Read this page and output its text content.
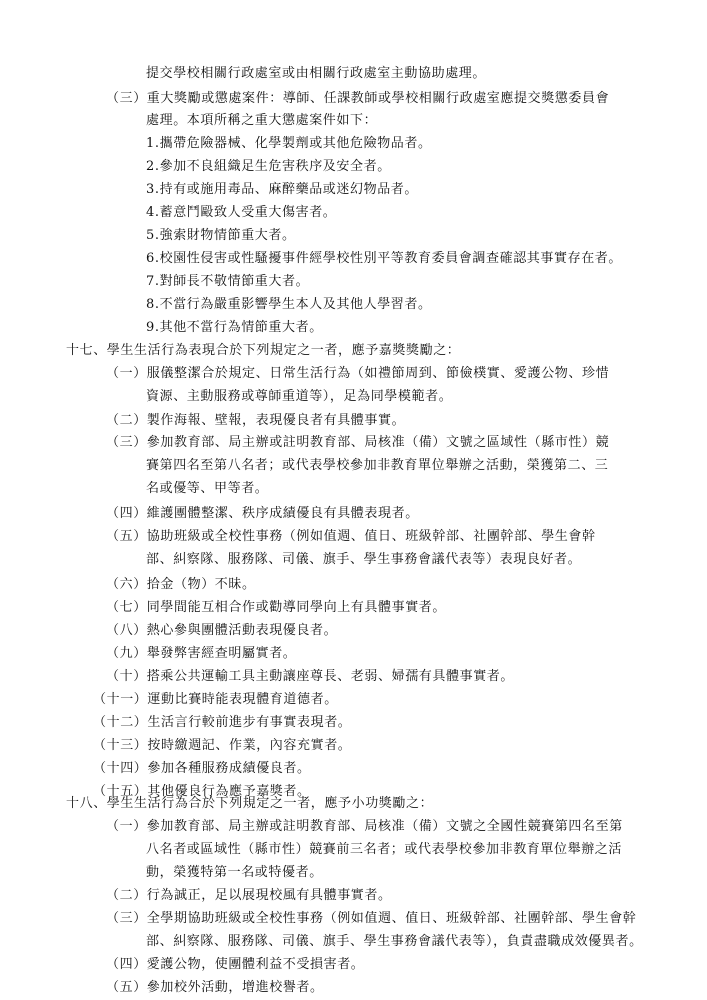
提交學校相關行政處室或由相關行政處室主動協助處理。
（三）重大獎勵或懲處案件：導師、任課教師或學校相關行政處室應提交獎懲委員會
處理。本項所稱之重大懲處案件如下：
1.攜帶危險器械、化學製劑或其他危險物品者。
2.參加不良組織足生危害秩序及安全者。
3.持有或施用毒品、麻醉藥品或迷幻物品者。
4.蓄意鬥毆致人受重大傷害者。
5.強索財物情節重大者。
6.校園性侵害或性騷擾事件經學校性別平等教育委員會調查確認其事實存在者。
7.對師長不敬情節重大者。
8.不當行為嚴重影響學生本人及其他人學習者。
9.其他不當行為情節重大者。
十七、學生生活行為表現合於下列規定之一者，應予嘉獎獎勵之：
（一）服儀整潔合於規定、日常生活行為（如禮節周到、節儉樸實、愛護公物、珍惜
資源、主動服務或尊師重道等），足為同學模範者。
（二）製作海報、壁報，表現優良者有具體事實。
（三）參加教育部、局主辦或註明教育部、局核准（備）文號之區域性（縣市性）競
賽第四名至第八名者；或代表學校參加非教育單位舉辦之活動，榮獲第二、三
名或優等、甲等者。
（四）維護團體整潔、秩序成績優良有具體表現者。
（五）協助班級或全校性事務（例如值週、值日、班級幹部、社團幹部、學生會幹
部、糾察隊、服務隊、司儀、旗手、學生事務會議代表等）表現良好者。
（六）拾金（物）不昧。
（七）同學間能互相合作或勸導同學向上有具體事實者。
（八）熱心參與團體活動表現優良者。
（九）舉發弊害經查明屬實者。
（十）搭乘公共運輸工具主動讓座尊長、老弱、婦孺有具體事實者。
（十一）運動比賽時能表現體育道德者。
（十二）生活言行較前進步有事實表現者。
（十三）按時繳週記、作業，內容充實者。
（十四）參加各種服務成績優良者。
（十五）其他優良行為應予嘉獎者。
十八、學生生活行為合於下列規定之一者，應予小功獎勵之：
（一）參加教育部、局主辦或註明教育部、局核准（備）文號之全國性競賽第四名至第
八名者或區域性（縣市性）競賽前三名者；或代表學校參加非教育單位舉辦之活
動，榮獲特第一名或特優者。
（二）行為誠正，足以展現校風有具體事實者。
（三）全學期協助班級或全校性事務（例如值週、值日、班級幹部、社團幹部、學生會幹
部、糾察隊、服務隊、司儀、旗手、學生事務會議代表等），負責盡職成效優異者。
（四）愛護公物，使團體利益不受損害者。
（五）參加校外活動，增進校譽者。
